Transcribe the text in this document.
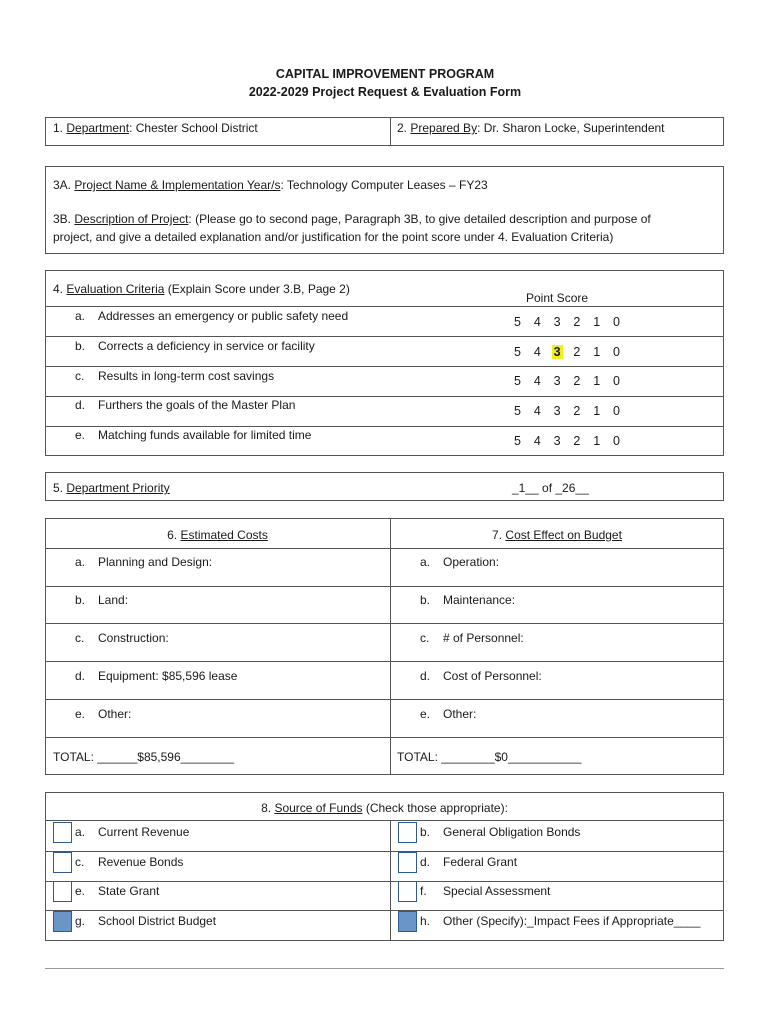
CAPITAL IMPROVEMENT PROGRAM
2022-2029 Project Request & Evaluation Form
1. Department: Chester School District	2. Prepared By: Dr. Sharon Locke, Superintendent
3A. Project Name & Implementation Year/s: Technology Computer Leases – FY23
3B. Description of Project: (Please go to second page, Paragraph 3B, to give detailed description and purpose of
project, and give a detailed explanation and/or justification for the point score under 4. Evaluation Criteria)
4. Evaluation Criteria (Explain Score under 3.B, Page 2)
Point Score
a. Addresses an emergency or public safety need	5 4 3 2 1 0
b. Corrects a deficiency in service or facility	5 4 3 2 1 0
c. Results in long-term cost savings	5 4 3 2 1 0
d. Furthers the goals of the Master Plan	5 4 3 2 1 0
e. Matching funds available for limited time	5 4 3 2 1 0
5. Department Priority	_1__ of _26__
6. Estimated Costs	7. Cost Effect on Budget
a. Planning and Design:	a. Operation:
b. Land:	b. Maintenance:
c. Construction:	c. # of Personnel:
d. Equipment: $85,596 lease	d. Cost of Personnel:
e. Other:	e. Other:
TOTAL: ______$85,596________	TOTAL: ________$0___________
8. Source of Funds (Check those appropriate):
a. Current Revenue	b. General Obligation Bonds
c. Revenue Bonds	d. Federal Grant
e. State Grant	f. Special Assessment
g. School District Budget	h. Other (Specify):_Impact Fees if Appropriate____
